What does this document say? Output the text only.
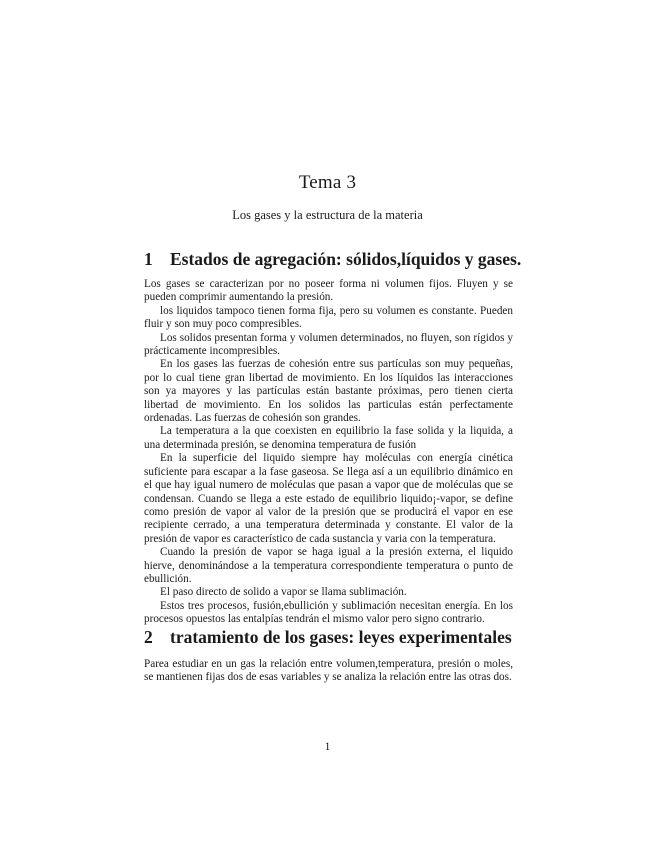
Tema 3
Los gases y la estructura de la materia
1 Estados de agregación: sólidos,líquidos y gases.

Los gases se caracterizan por no poseer forma ni volumen fijos. Fluyen y se pueden comprimir aumentando la presión.

los liquidos tampoco tienen forma fija, pero su volumen es constante. Pueden fluir y son muy poco compresibles.

Los solidos presentan forma y volumen determinados, no fluyen, son rígidos y prácticamente incompresibles.

En los gases las fuerzas de cohesión entre sus partículas son muy pequeñas, por lo cual tiene gran libertad de movimiento. En los líquidos las interacciones son ya mayores y las partículas están bastante próximas, pero tienen cierta libertad de movimiento. En los solidos las particulas están perfectamente ordenadas. Las fuerzas de cohesión son grandes.

La temperatura a la que coexisten en equilibrio la fase solida y la liquida, a una determinada presión, se denomina temperatura de fusión

En la superficie del liquido siempre hay moléculas con energía cinética suficiente para escapar a la fase gaseosa. Se llega así a un equilibrio dinámico en el que hay igual numero de moléculas que pasan a vapor que de moléculas que se condensan. Cuando se llega a este estado de equilibrio liquido¡-vapor, se define como presión de vapor al valor de la presión que se producirá el vapor en ese recipiente cerrado, a una temperatura determinada y constante. El valor de la presión de vapor es característico de cada sustancia y varia con la temperatura.

Cuando la presión de vapor se haga igual a la presión externa, el liquido hierve, denominándose a la temperatura correspondiente temperatura o punto de ebullición.

El paso directo de solido a vapor se llama sublimación.

Estos tres procesos, fusión,ebullición y sublimación necesitan energía. En los procesos opuestos las entalpías tendrán el mismo valor pero signo contrario.

2 tratamiento de los gases: leyes experimentales

Parea estudiar en un gas la relación entre volumen,temperatura, presión o moles, se mantienen fijas dos de esas variables y se analiza la relación entre las otras dos.

1
